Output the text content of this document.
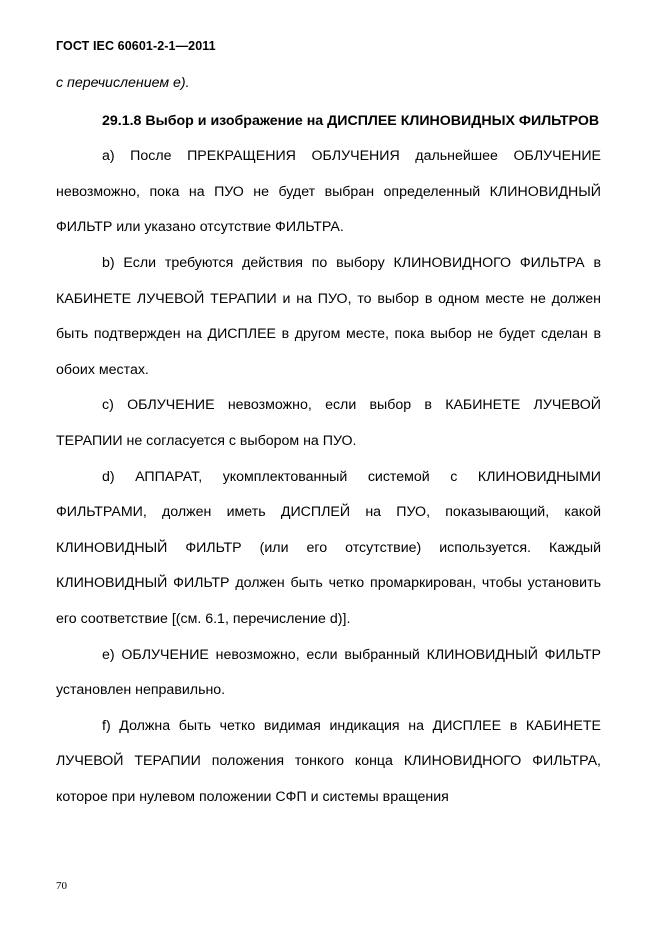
ГОСТ IEC 60601-2-1—2011

с перечислением е).

29.1.8 Выбор и изображение на ДИСПЛЕЕ КЛИНОВИДНЫХ ФИЛЬТРОВ

a) После ПРЕКРАЩЕНИЯ ОБЛУЧЕНИЯ дальнейшее ОБЛУЧЕНИЕ невозможно, пока на ПУО не будет выбран определенный КЛИНОВИДНЫЙ ФИЛЬТР или указано отсутствие ФИЛЬТРА.

b) Если требуются действия по выбору КЛИНОВИДНОГО ФИЛЬТРА в КАБИНЕТЕ ЛУЧЕВОЙ ТЕРАПИИ и на ПУО, то выбор в одном месте не должен быть подтвержден на ДИСПЛЕЕ в другом месте, пока выбор не будет сделан в обоих местах.

c) ОБЛУЧЕНИЕ невозможно, если выбор в КАБИНЕТЕ ЛУЧЕВОЙ ТЕРАПИИ не согласуется с выбором на ПУО.

d) АППАРАТ, укомплектованный системой с КЛИНОВИДНЫМИ ФИЛЬТРАМИ, должен иметь ДИСПЛЕЙ на ПУО, показывающий, какой КЛИНОВИДНЫЙ ФИЛЬТР (или его отсутствие) используется. Каждый КЛИНОВИДНЫЙ ФИЛЬТР должен быть четко промаркирован, чтобы установить его соответствие [(см. 6.1, перечисление d)].

e) ОБЛУЧЕНИЕ невозможно, если выбранный КЛИНОВИДНЫЙ ФИЛЬТР установлен неправильно.

f) Должна быть четко видимая индикация на ДИСПЛЕЕ в КАБИНЕТЕ ЛУЧЕВОЙ ТЕРАПИИ положения тонкого конца КЛИНОВИДНОГО ФИЛЬТРА, которое при нулевом положении СФП и системы вращения

70
